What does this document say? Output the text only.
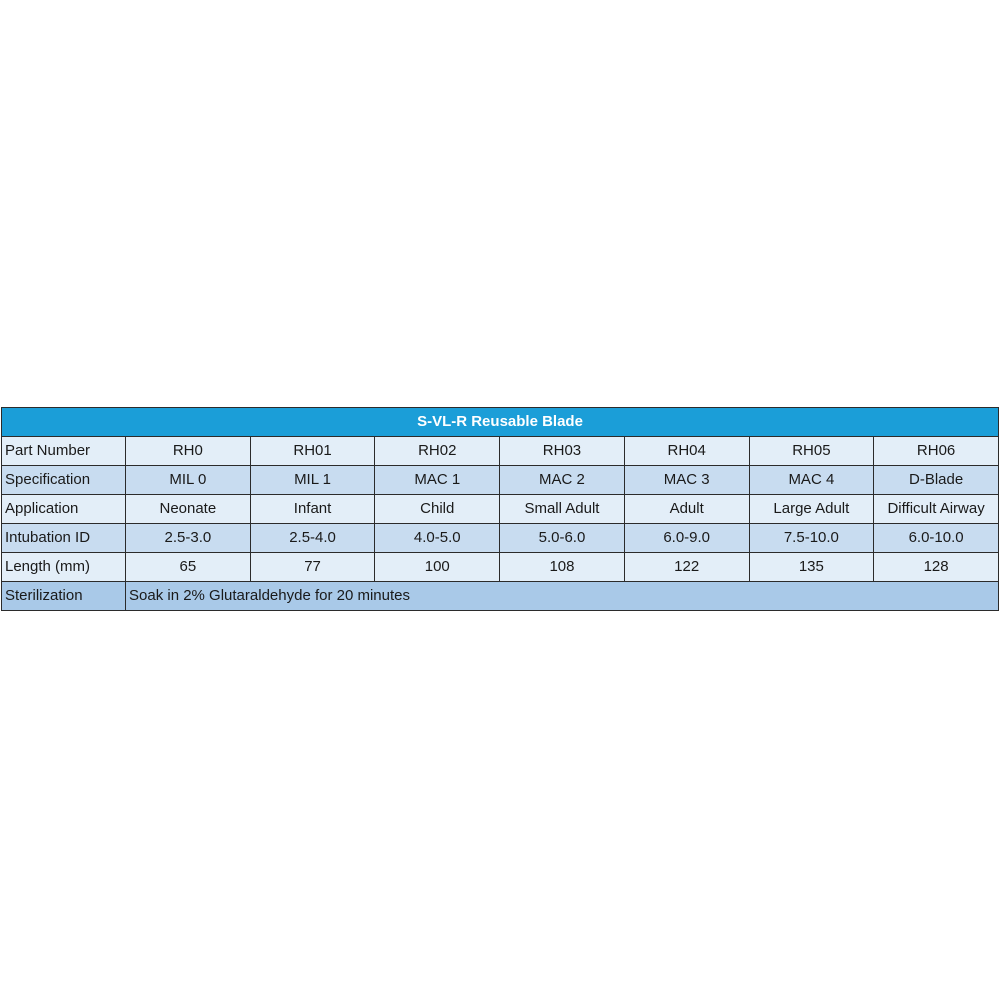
S-VL-R Reusable Blade							
Part Number	RH0	RH01	RH02	RH03	RH04	RH05	RH06
Specification	MIL 0	MIL 1	MAC 1	MAC 2	MAC 3	MAC 4	D-Blade
Application	Neonate	Infant	Child	Small Adult	Adult	Large Adult	Difficult Airway
Intubation ID	2.5-3.0	2.5-4.0	4.0-5.0	5.0-6.0	6.0-9.0	7.5-10.0	6.0-10.0
Length (mm)	65	77	100	108	122	135	128
Sterilization	Soak in 2% Glutaraldehyde for 20 minutes						
